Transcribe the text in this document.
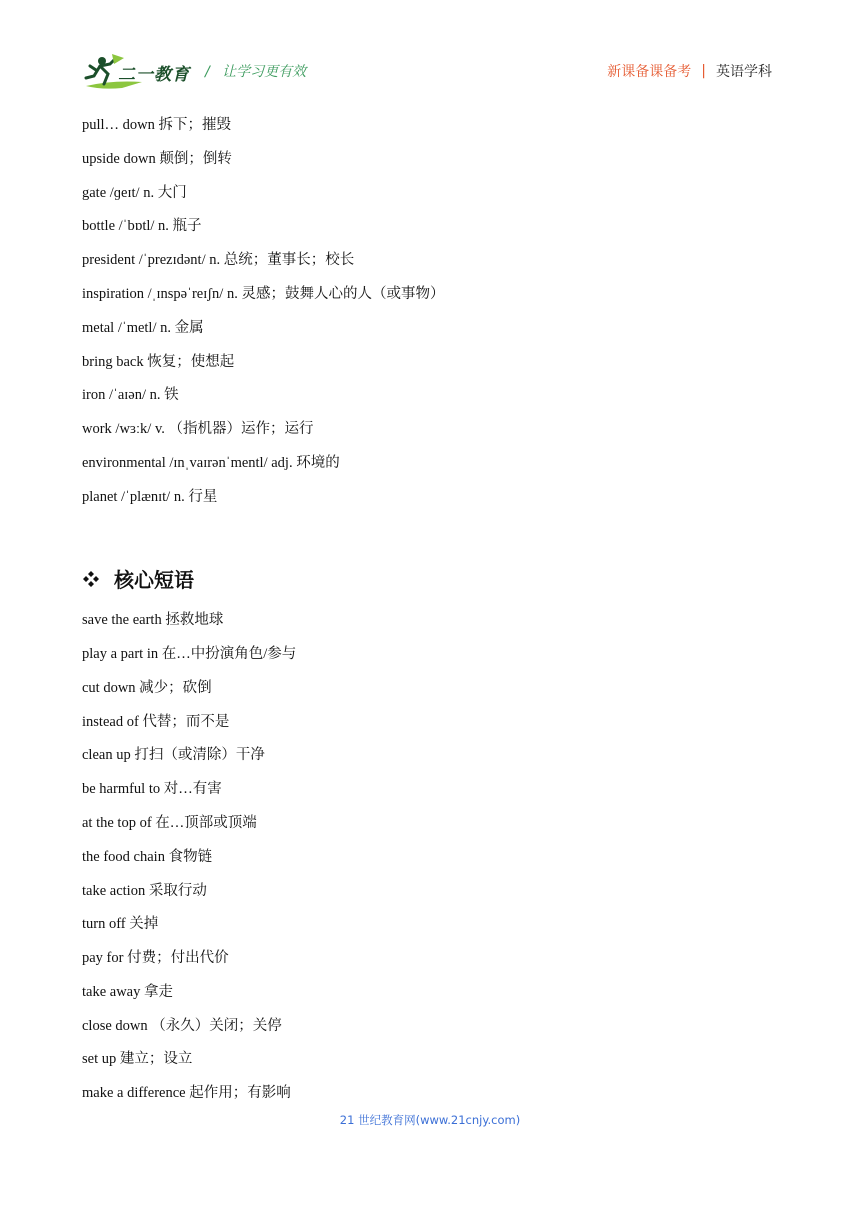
二一教育 / 让学习更有效	新课备课备考 | 英语学科
pull… down 拆下；摧毁
upside down 颠倒；倒转
gate /ɡeɪt/ n. 大门
bottle /ˈbɒtl/ n. 瓶子
president /ˈprezɪdənt/ n. 总统；董事长；校长
inspiration /ˌɪnspəˈreɪʃn/ n. 灵感；鼓舞人心的人（或事物）
metal /ˈmetl/ n. 金属
bring back 恢复；使想起
iron /ˈaɪən/ n. 铁
work /wɜːk/ v. （指机器）运作；运行
environmental /ɪnˌvaɪrənˈmentl/ adj. 环境的
planet /ˈplænɪt/ n. 行星
核心短语
save the earth 拯救地球
play a part in 在…中扮演角色/参与
cut down 减少；砍倒
instead of 代替；而不是
clean up 打扫（或清除）干净
be harmful to 对…有害
at the top of 在…顶部或顶端
the food chain 食物链
take action 采取行动
turn off 关掉
pay for 付费；付出代价
take away 拿走
close down （永久）关闭；关停
set up 建立；设立
make a difference 起作用；有影响
21 世纪教育网(www.21cnjy.com)
